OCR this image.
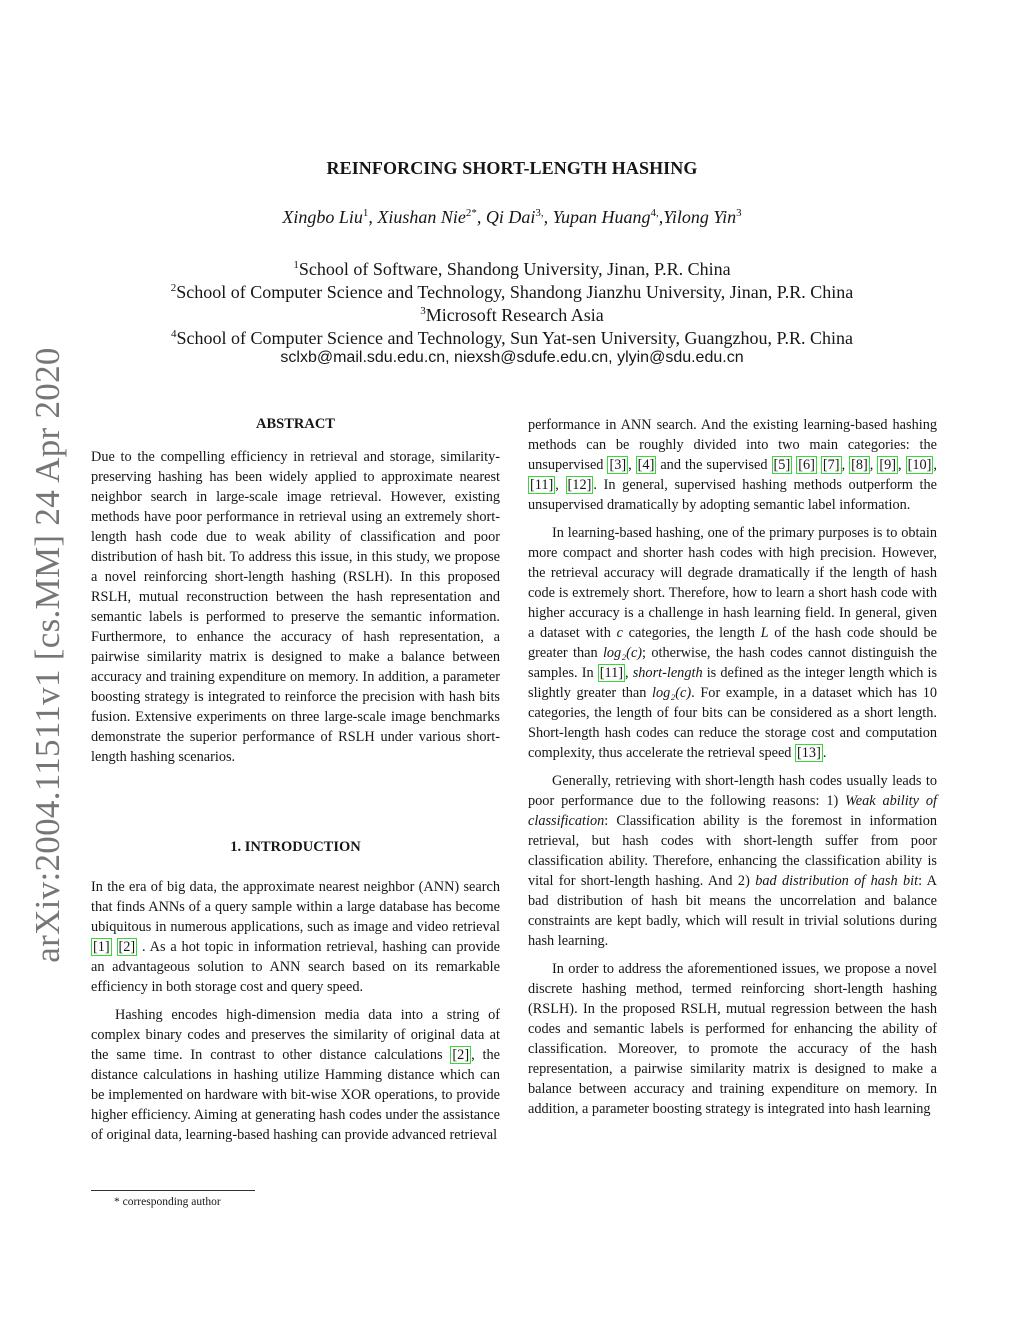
arXiv:2004.11511v1 [cs.MM] 24 Apr 2020
REINFORCING SHORT-LENGTH HASHING
Xingbo Liu$^1$, Xiushan Nie$^{2*}$, Qi Dai$^{3,}$, Yupan Huang$^{4,}$,Yilong Yin$^3$
$^1$School of Software, Shandong University, Jinan, P.R. China
$^2$School of Computer Science and Technology, Shandong Jianzhu University, Jinan, P.R. China
$^3$Microsoft Research Asia
$^4$School of Computer Science and Technology, Sun Yat-sen University, Guangzhou, P.R. China
sclxb@mail.sdu.edu.cn, niexsh@sdufe.edu.cn, ylyin@sdu.edu.cn
ABSTRACT

Due to the compelling efficiency in retrieval and storage, similarity-preserving hashing has been widely applied to approximate nearest neighbor search in large-scale image retrieval. However, existing methods have poor performance in retrieval using an extremely short-length hash code due to weak ability of classification and poor distribution of hash bit. To address this issue, in this study, we propose a novel reinforcing short-length hashing (RSLH). In this proposed RSLH, mutual reconstruction between the hash representation and semantic labels is performed to preserve the semantic information. Furthermore, to enhance the accuracy of hash representation, a pairwise similarity matrix is designed to make a balance between accuracy and training expenditure on memory. In addition, a parameter boosting strategy is integrated to reinforce the precision with hash bits fusion. Extensive experiments on three large-scale image benchmarks demonstrate the superior performance of RSLH under various short-length hashing scenarios.

1. INTRODUCTION

In the era of big data, the approximate nearest neighbor (ANN) search that finds ANNs of a query sample within a large database has become ubiquitous in numerous applications, such as image and video retrieval [1] [2] . As a hot topic in information retrieval, hashing can provide an advantageous solution to ANN search based on its remarkable efficiency in both storage cost and query speed.

Hashing encodes high-dimension media data into a string of complex binary codes and preserves the similarity of original data at the same time. In contrast to other distance calculations [2] , the distance calculations in hashing utilize Hamming distance which can be implemented on hardware with bit-wise XOR operations, to provide higher efficiency. Aiming at generating hash codes under the assistance of original data, learning-based hashing can provide advanced retrieval

* corresponding author

performance in ANN search. And the existing learning-based hashing methods can be roughly divided into two main categories: the unsupervised [3] , [4] and the supervised [5] [6] [7] , [8] , [9] , [10] , [11] , [12] . In general, supervised hashing methods outperform the unsupervised dramatically by adopting semantic label information.

In learning-based hashing, one of the primary purposes is to obtain more compact and shorter hash codes with high precision. However, the retrieval accuracy will degrade dramatically if the length of hash code is extremely short. Therefore, how to learn a short hash code with higher accuracy is a challenge in hash learning field. In general, given a dataset with c categories, the length L of the hash code should be greater than log₂(c); otherwise, the hash codes cannot distinguish the samples. In [11] , short-length is defined as the integer length which is slightly greater than log₂(c). For example, in a dataset which has 10 categories, the length of four bits can be considered as a short length. Short-length hash codes can reduce the storage cost and computation complexity, thus accelerate the retrieval speed [13] .

Generally, retrieving with short-length hash codes usually leads to poor performance due to the following reasons: 1) Weak ability of classification: Classification ability is the foremost in information retrieval, but hash codes with short-length suffer from poor classification ability. Therefore, enhancing the classification ability is vital for short-length hashing. And 2) bad distribution of hash bit: A bad distribution of hash bit means the uncorrelation and balance constraints are kept badly, which will result in trivial solutions during hash learning.

In order to address the aforementioned issues, we propose a novel discrete hashing method, termed reinforcing short-length hashing (RSLH). In the proposed RSLH, mutual regression between the hash codes and semantic labels is performed for enhancing the ability of classification. Moreover, to promote the accuracy of the hash representation, a pairwise similarity matrix is designed to make a balance between accuracy and training expenditure on memory. In addition, a parameter boosting strategy is integrated into hash learning
